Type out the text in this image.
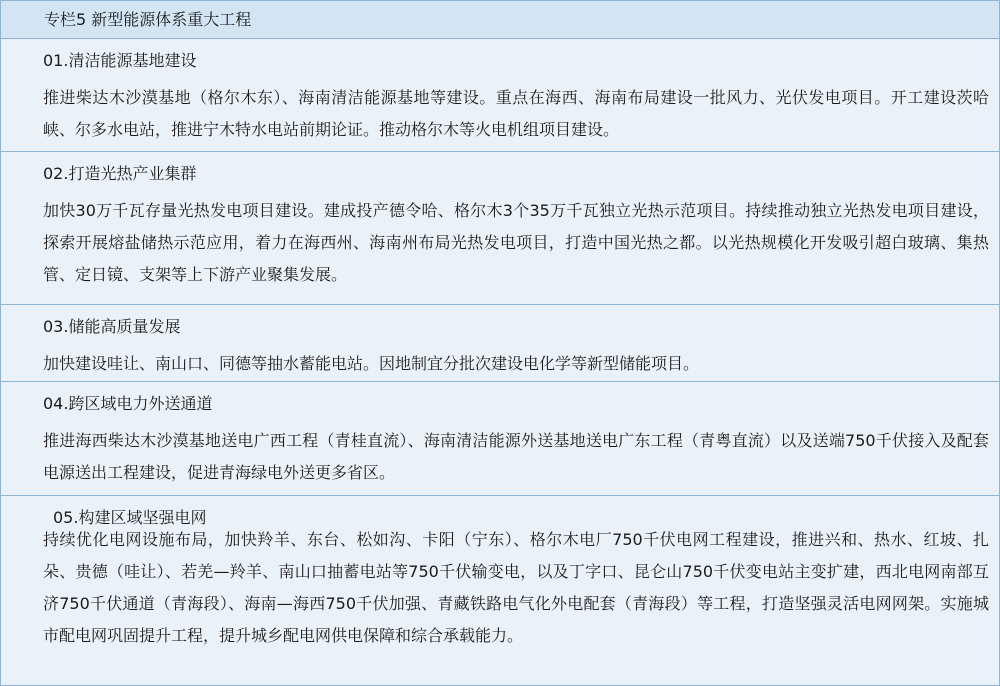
专栏5 新型能源体系重大工程
01.清洁能源基地建设
推进柴达木沙漠基地（格尔木东）、海南清洁能源基地等建设。重点在海西、海南布局建设一批风力、光伏发电项目。开工建设茨哈峡、尔多水电站，推进宁木特水电站前期论证。推动格尔木等火电机组项目建设。
02.打造光热产业集群
加快30万千瓦存量光热发电项目建设。建成投产德令哈、格尔木3个35万千瓦独立光热示范项目。持续推动独立光热发电项目建设，探索开展熔盐储热示范应用，着力在海西州、海南州布局光热发电项目，打造中国光热之都。以光热规模化开发吸引超白玻璃、集热管、定日镜、支架等上下游产业聚集发展。
03.储能高质量发展
加快建设哇让、南山口、同德等抽水蓄能电站。因地制宜分批次建设电化学等新型储能项目。
04.跨区域电力外送通道
推进海西柴达木沙漠基地送电广西工程（青桂直流）、海南清洁能源外送基地送电广东工程（青粤直流）以及送端750千伏接入及配套电源送出工程建设，促进青海绿电外送更多省区。
05.构建区域坚强电网
持续优化电网设施布局，加快羚羊、东台、松如沟、卡阳（宁东）、格尔木电厂750千伏电网工程建设，推进兴和、热水、红坡、扎朵、贵德（哇让）、若羌—羚羊、南山口抽蓄电站等750千伏输变电，以及丁字口、昆仑山750千伏变电站主变扩建，西北电网南部互济750千伏通道（青海段）、海南—海西750千伏加强、青藏铁路电气化外电配套（青海段）等工程，打造坚强灵活电网网架。实施城市配电网巩固提升工程，提升城乡配电网供电保障和综合承载能力。
